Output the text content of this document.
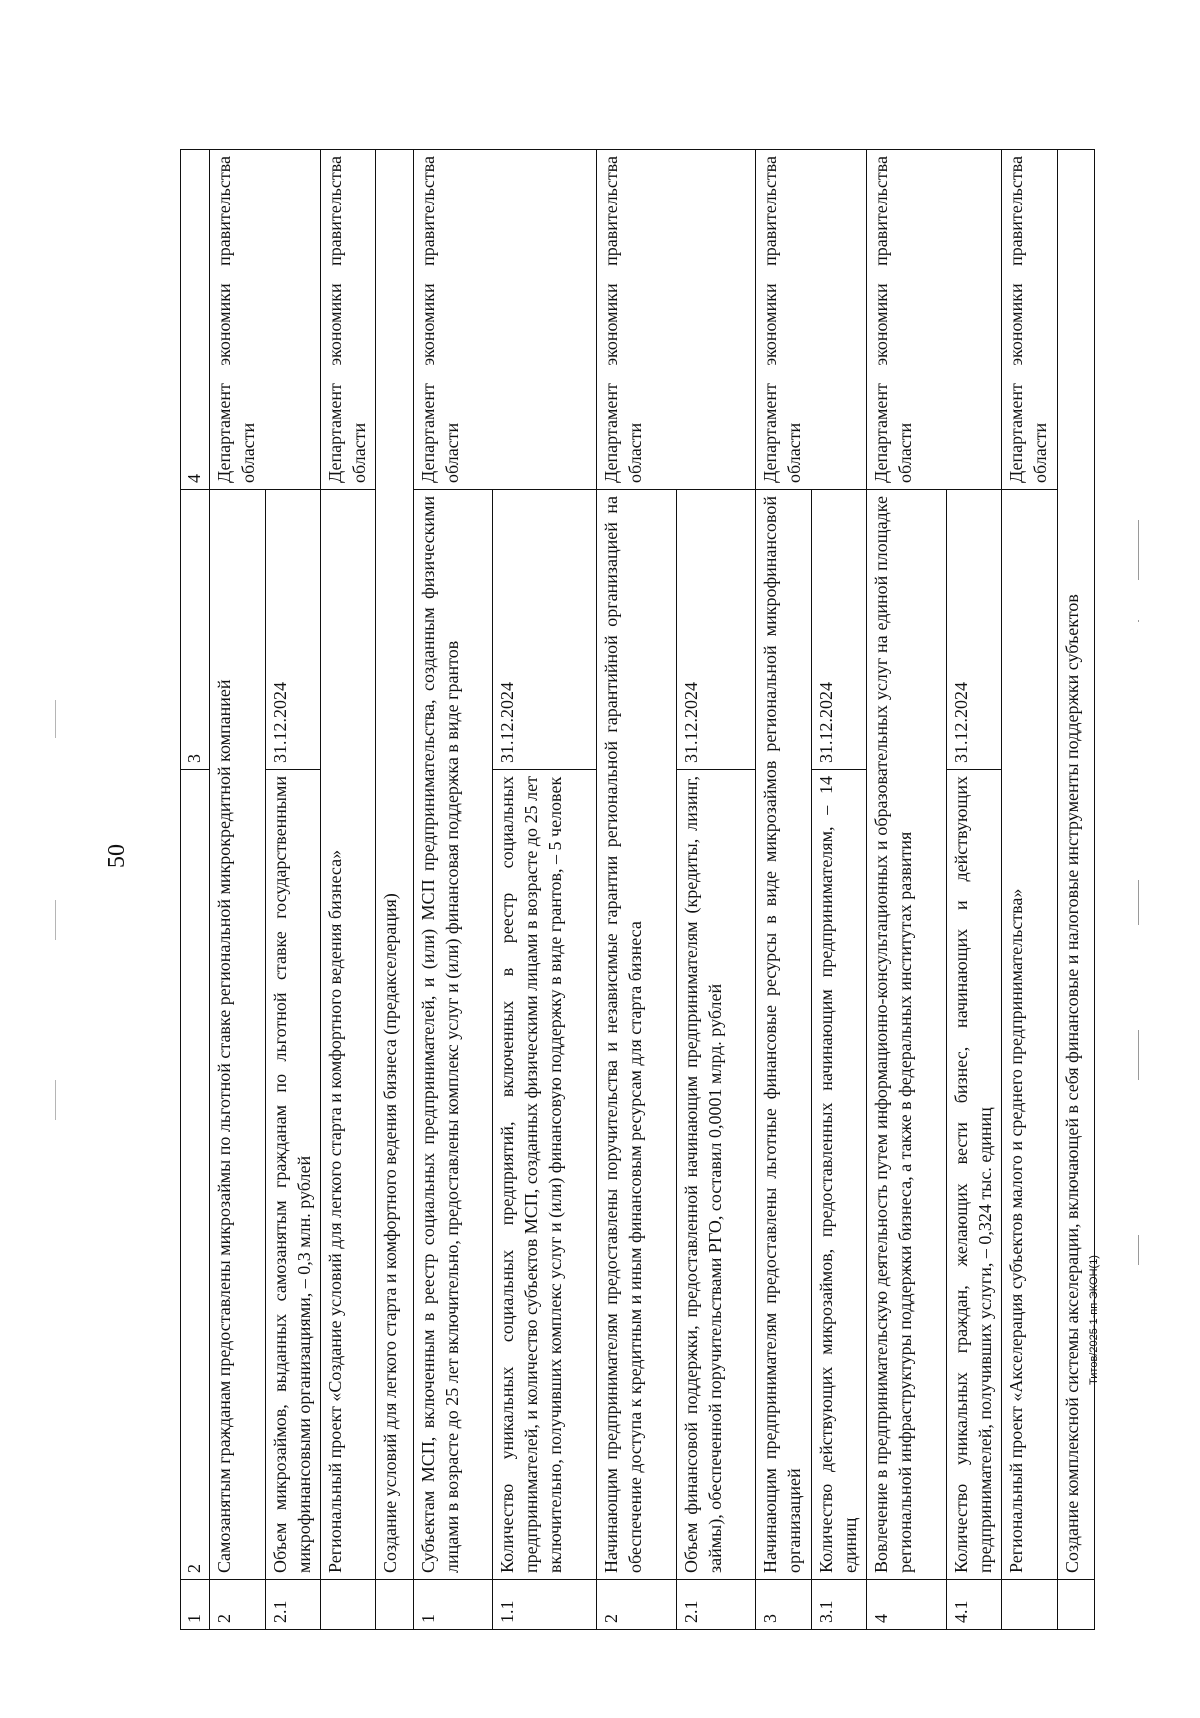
50
1	2	3	4
2	Самозанятым гражданам предоставлены микрозаймы по льготной ставке региональной микрокредитной компанией		Департамент экономики правительства области
2.1	Объем микрозаймов, выданных самозанятым гражданам по льготной ставке государственными микрофинансовыми организациями, – 0,3 млн. рублей	31.12.2024	
	Региональный проект «Создание условий для легкого старта и комфортного ведения бизнеса»		Департамент экономики правительства области
	Создание условий для легкого старта и комфортного ведения бизнеса (предакселерация)		
1	Субъектам МСП, включенным в реестр социальных предпринимателей, и (или) МСП предпринимательства, созданным физическими лицами в возрасте до 25 лет включительно, предоставлены комплекс услуг и (или) финансовая поддержка в виде грантов		Департамент экономики правительства области
1.1	Количество уникальных социальных предприятий, включенных в реестр социальных предпринимателей, и количество субъектов МСП, созданных физическими лицами в возрасте до 25 лет включительно, получивших комплекс услуг и (или) финансовую поддержку в виде грантов, – 5 человек	31.12.2024	
2	Начинающим предпринимателям предоставлены поручительства и независимые гарантии региональной гарантийной организацией на обеспечение доступа к кредитным и иным финансовым ресурсам для старта бизнеса		Департамент экономики правительства области
2.1	Объем финансовой поддержки, предоставленной начинающим предпринимателям (кредиты, лизинг, займы), обеспеченной поручительствами РГО, составил 0,0001 млрд. рублей	31.12.2024	
3	Начинающим предпринимателям предоставлены льготные финансовые ресурсы в виде микрозаймов региональной микрофинансовой организацией		Департамент экономики правительства области
3.1	Количество действующих микрозаймов, предоставленных начинающим предпринимателям, – 14 единиц	31.12.2024	
4	Вовлечение в предпринимательскую деятельность путем информационно-консультационных и образовательных услуг на единой площадке региональной инфраструктуры поддержки бизнеса, а также в федеральных институтах развития		Департамент экономики правительства области
4.1	Количество уникальных граждан, желающих вести бизнес, начинающих и действующих предпринимателей, получивших услуги, – 0,324 тыс. единиц	31.12.2024	
	Региональный проект «Акселерация субъектов малого и среднего предпринимательства»		Департамент экономики правительства области
	Создание комплексной системы акселерации, включающей в себя финансовые и налоговые инструменты поддержки субъектов		Титов/2025-1-пп-ЭКОН(1)
